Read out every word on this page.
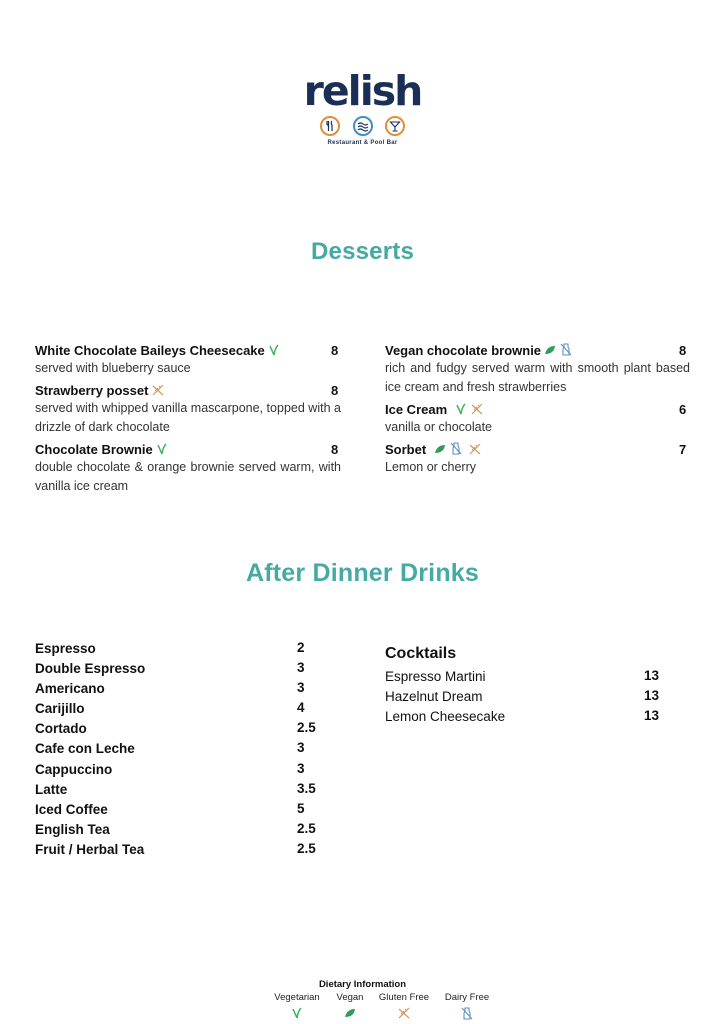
relish

Restaurant & Pool Bar
Desserts
White Chocolate Baileys Cheesecake	8
served with blueberry sauce
Strawberry posset	8
served with whipped vanilla mascarpone, topped with a drizzle of dark chocolate
Chocolate Brownie	8
double chocolate & orange brownie served warm, with vanilla ice cream
Vegan chocolate brownie	8
rich and fudgy served warm with smooth plant based ice cream and fresh strawberries
Ice Cream	6
vanilla or chocolate
Sorbet	7
Lemon or cherry
After Dinner Drinks
Espresso	2
Double Espresso	3
Americano	3
Carijillo	4
Cortado	2.5
Cafe con Leche	3
Cappuccino	3
Latte	3.5
Iced Coffee	5
English Tea	2.5
Fruit / Herbal Tea	2.5
Cocktails
Espresso Martini	13
Hazelnut Dream	13
Lemon Cheesecake	13
Dietary Information
Vegetarian	Vegan	Gluten Free	Dairy Free
